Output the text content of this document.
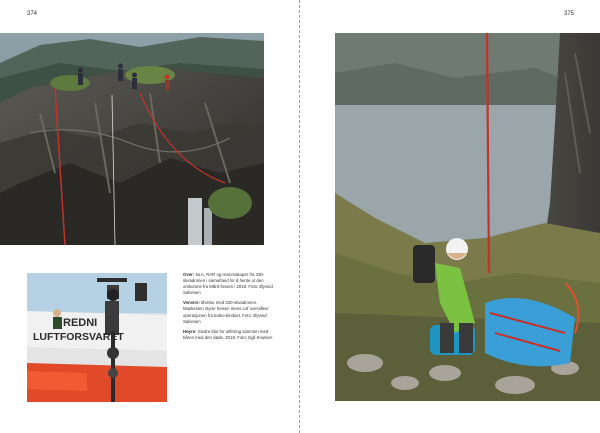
374
REDNI
LUFTFORSVARET

Over: NLA, RAR og Hummakoper fra 330-skvadronen i samarbeid for å hente ut den omkomne fra Mård-fossen i 2018. Foto: Øyvind Salvesen

Venstre: Øvelse med 330-skvadronen. Maskesten styrer heisen mens Lof overvåker operasjonen fra buleo-kinduet. Foto: Øyvind Salvesen

Høyre: Sindre klar for utfirning sammen med båren med den døde, 2018. Foto: Egil Knutsen

375
